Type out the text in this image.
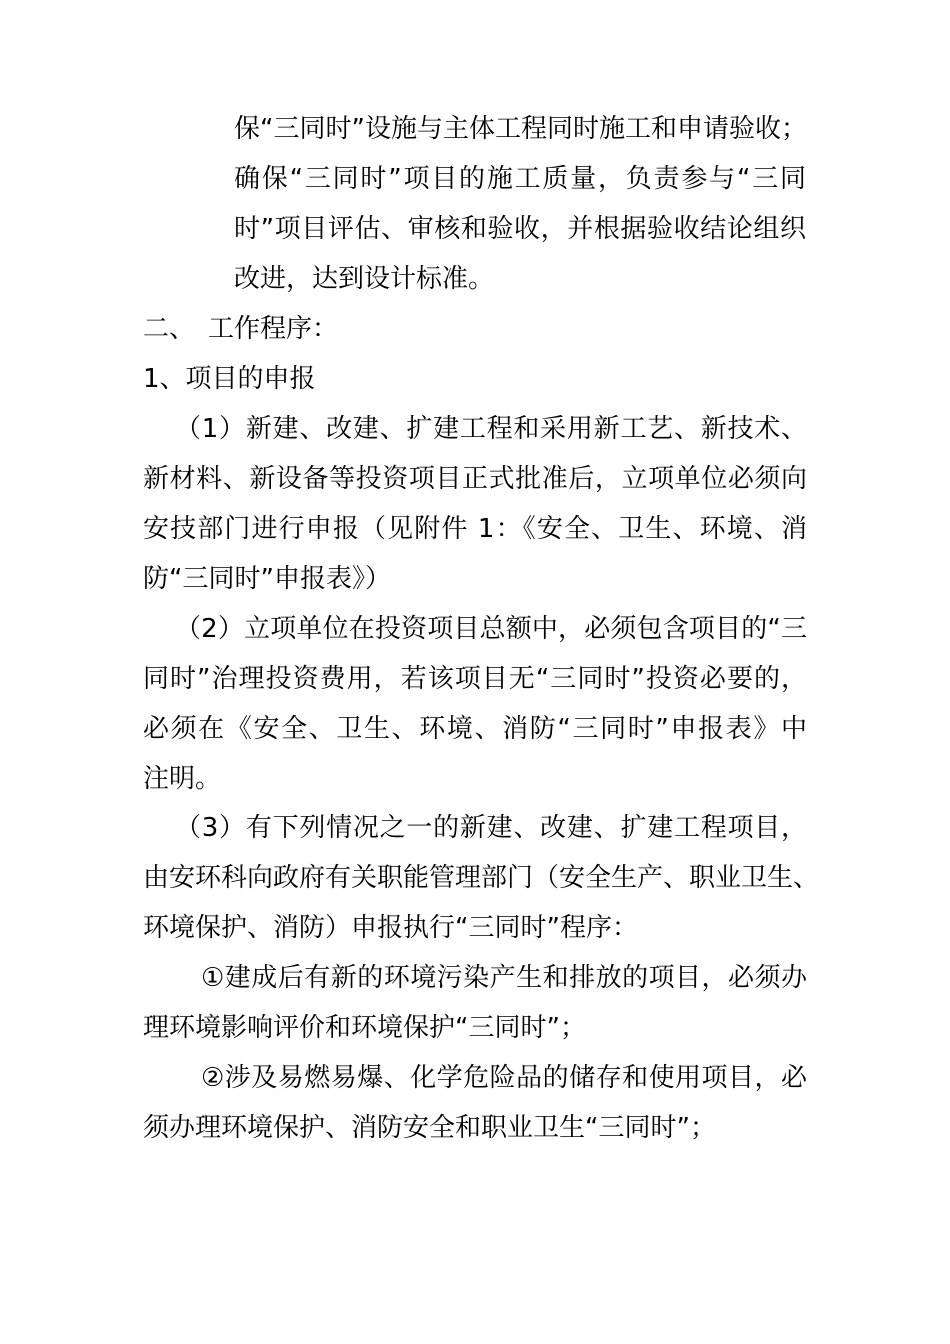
保“三同时”设施与主体工程同时施工和申请验收；
确保“三同时”项目的施工质量，负责参与“三同
时”项目评估、审核和验收，并根据验收结论组织
改进，达到设计标准。
二、　工作程序：
1、项目的申报
（1）新建、改建、扩建工程和采用新工艺、新技术、
新材料、新设备等投资项目正式批准后，立项单位必须向
安技部门进行申报（见附件 1：《安全、卫生、环境、消
防“三同时”申报表》）
（2）立项单位在投资项目总额中，必须包含项目的“三
同时”治理投资费用，若该项目无“三同时”投资必要的，
必须在《安全、卫生、环境、消防“三同时”申报表》中
注明。
（3）有下列情况之一的新建、改建、扩建工程项目，
由安环科向政府有关职能管理部门（安全生产、职业卫生、
环境保护、消防）申报执行“三同时”程序：
①建成后有新的环境污染产生和排放的项目，必须办
理环境影响评价和环境保护“三同时”；
②涉及易燃易爆、化学危险品的储存和使用项目，必
须办理环境保护、消防安全和职业卫生“三同时”；
